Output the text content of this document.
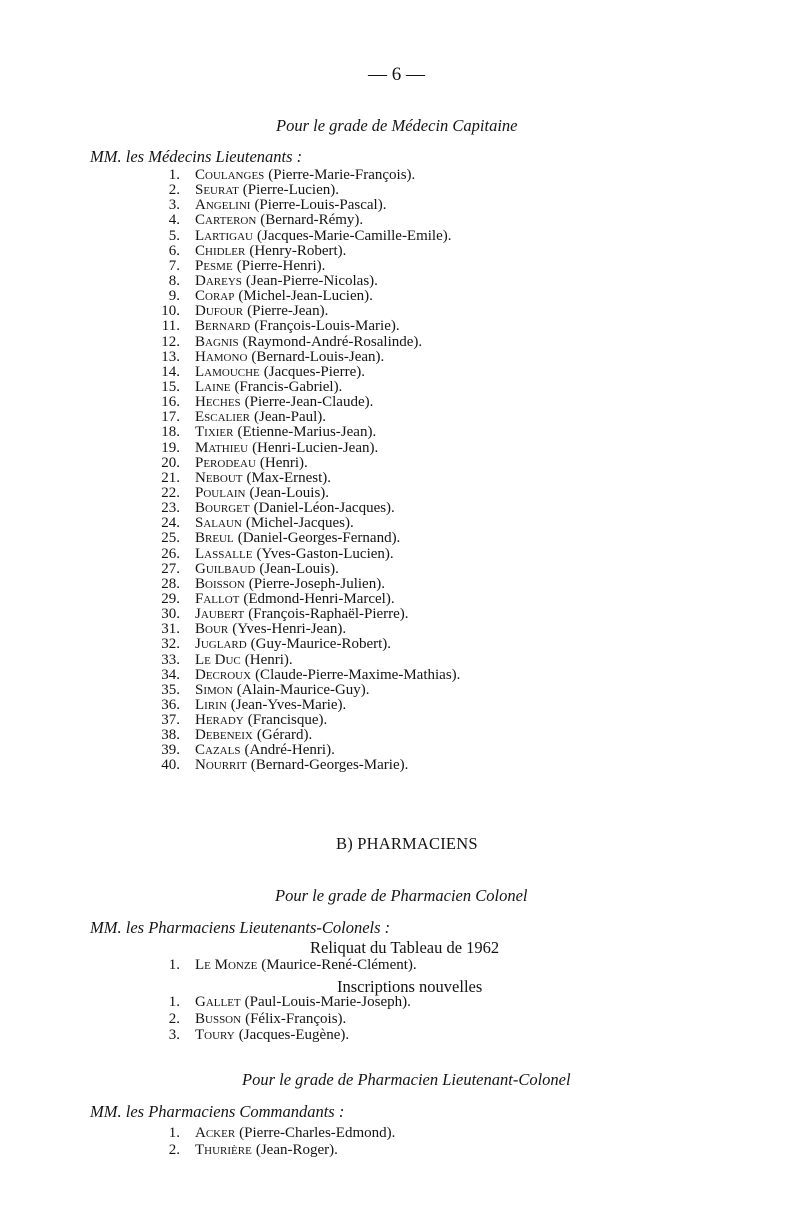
— 6 —
Pour le grade de Médecin Capitaine
MM. les Médecins Lieutenants :
1. Coulanges (Pierre-Marie-François).
2. Seurat (Pierre-Lucien).
3. Angelini (Pierre-Louis-Pascal).
4. Carteron (Bernard-Rémy).
5. Lartigau (Jacques-Marie-Camille-Emile).
6. Chidler (Henry-Robert).
7. Pesme (Pierre-Henri).
8. Dareys (Jean-Pierre-Nicolas).
9. Corap (Michel-Jean-Lucien).
10. Dufour (Pierre-Jean).
11. Bernard (François-Louis-Marie).
12. Bagnis (Raymond-André-Rosalinde).
13. Hamono (Bernard-Louis-Jean).
14. Lamouche (Jacques-Pierre).
15. Laine (Francis-Gabriel).
16. Heches (Pierre-Jean-Claude).
17. Escalier (Jean-Paul).
18. Tixier (Etienne-Marius-Jean).
19. Mathieu (Henri-Lucien-Jean).
20. Perodeau (Henri).
21. Nebout (Max-Ernest).
22. Poulain (Jean-Louis).
23. Bourget (Daniel-Léon-Jacques).
24. Salaun (Michel-Jacques).
25. Breul (Daniel-Georges-Fernand).
26. Lassalle (Yves-Gaston-Lucien).
27. Guilbaud (Jean-Louis).
28. Boisson (Pierre-Joseph-Julien).
29. Fallot (Edmond-Henri-Marcel).
30. Jaubert (François-Raphaël-Pierre).
31. Bour (Yves-Henri-Jean).
32. Juglard (Guy-Maurice-Robert).
33. Le Duc (Henri).
34. Decroux (Claude-Pierre-Maxime-Mathias).
35. Simon (Alain-Maurice-Guy).
36. Lirin (Jean-Yves-Marie).
37. Herady (Francisque).
38. Debeneix (Gérard).
39. Cazals (André-Henri).
40. Nourrit (Bernard-Georges-Marie).
B) PHARMACIENS
Pour le grade de Pharmacien Colonel
MM. les Pharmaciens Lieutenants-Colonels :
Reliquat du Tableau de 1962
1. Le Monze (Maurice-René-Clément).
Inscriptions nouvelles
1. Gallet (Paul-Louis-Marie-Joseph).
2. Busson (Félix-François).
3. Toury (Jacques-Eugène).
Pour le grade de Pharmacien Lieutenant-Colonel
MM. les Pharmaciens Commandants :
1. Acker (Pierre-Charles-Edmond).
2. Thurière (Jean-Roger).
